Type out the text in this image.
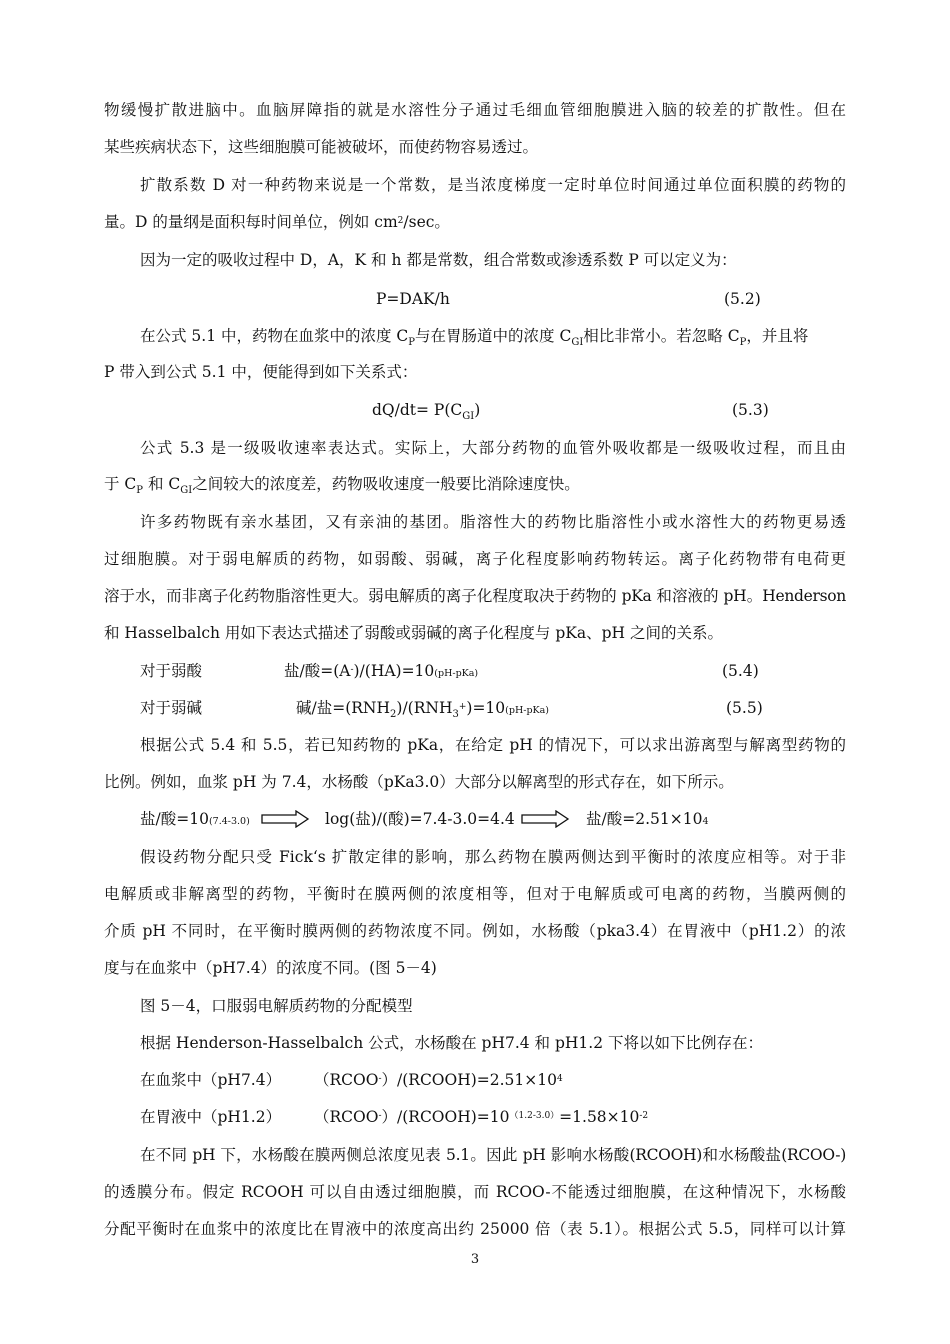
物缓慢扩散进脑中。血脑屏障指的就是水溶性分子通过毛细血管细胞膜进入脑的较差的扩散性。但在
某些疾病状态下，这些细胞膜可能被破坏，而使药物容易透过。
扩散系数 D 对一种药物来说是一个常数，是当浓度梯度一定时单位时间通过单位面积膜的药物的
量。D 的量纲是面积每时间单位，例如 $cm^2/\sec$。
因为一定的吸收过程中 D，A，K 和 h 都是常数，组合常数或渗透系数 P 可以定义为：
P=DAK/h	(5.2)
在公式 5.1 中，药物在血浆中的浓度 $C_P$与在胃肠道中的浓度 $C_{GI}$相比非常小。若忽略 $C_P$，并且将
P 带入到公式 5.1 中，便能得到如下关系式：
$dQ/dt= P(C_{GI})$	(5.3)
公式 5.3 是一级吸收速率表达式。实际上，大部分药物的血管外吸收都是一级吸收过程，而且由
于 $C_P$ 和 $C_{GI}$之间较大的浓度差，药物吸收速度一般要比消除速度快。
许多药物既有亲水基团，又有亲油的基团。脂溶性大的药物比脂溶性小或水溶性大的药物更易透
过细胞膜。对于弱电解质的药物，如弱酸、弱碱，离子化程度影响药物转运。离子化药物带有电荷更
溶于水，而非离子化药物脂溶性更大。弱电解质的离子化程度取决于药物的 pKa 和溶液的 pH。Henderson
和 Hasselbalch 用如下表达式描述了弱酸或弱碱的离子化程度与 pKa、pH 之间的关系。
对于弱酸	盐/酸=(A-)/(HA)=10(pH-pKa)	(5.4)
对于弱碱	碱/盐$=(RNH_2)/(RNH_3^+)=10(pH-pKa)$	(5.5)
根据公式 5.4 和 5.5，若已知药物的 pKa，在给定 pH 的情况下，可以求出游离型与解离型药物的
比例。例如，血浆 pH 为 7.4，水杨酸（pKa3.0）大部分以解离型的形式存在，如下所示。
盐/酸=10(7.4-3.0)	log(盐)/(酸)=7.4-3.0=4.4	盐/酸=2.51×104
假设药物分配只受 Fick‘s 扩散定律的影响，那么药物在膜两侧达到平衡时的浓度应相等。对于非
电解质或非解离型的药物，平衡时在膜两侧的浓度相等，但对于电解质或可电离的药物，当膜两侧的
介质 pH 不同时，在平衡时膜两侧的药物浓度不同。例如，水杨酸（pka3.4）在胃液中（pH1.2）的浓
度与在血浆中（pH7.4）的浓度不同。(图 5－4)
图 5－4，口服弱电解质药物的分配模型
根据 Henderson-Hasselbalch 公式，水杨酸在 pH7.4 和 pH1.2 下将以如下比例存在：
在血浆中（pH7.4） $(RCOO^-)/(RCOOH)=2.51\times 10^4$
在胃液中（pH1.2） $(RCOO^-)/(RCOOH)=10^{(1.2-3.0)}=1.58\times 10^{-2}$
在不同 pH 下，水杨酸在膜两侧总浓度见表 5.1。因此 pH 影响水杨酸(RCOOH)和水杨酸盐(RCOO-)
的透膜分布。假定 RCOOH 可以自由透过细胞膜，而 RCOO-不能透过细胞膜，在这种情况下，水杨酸
分配平衡时在血浆中的浓度比在胃液中的浓度高出约 25000 倍（表 5.1）。根据公式 5.5，同样可以计算
3
